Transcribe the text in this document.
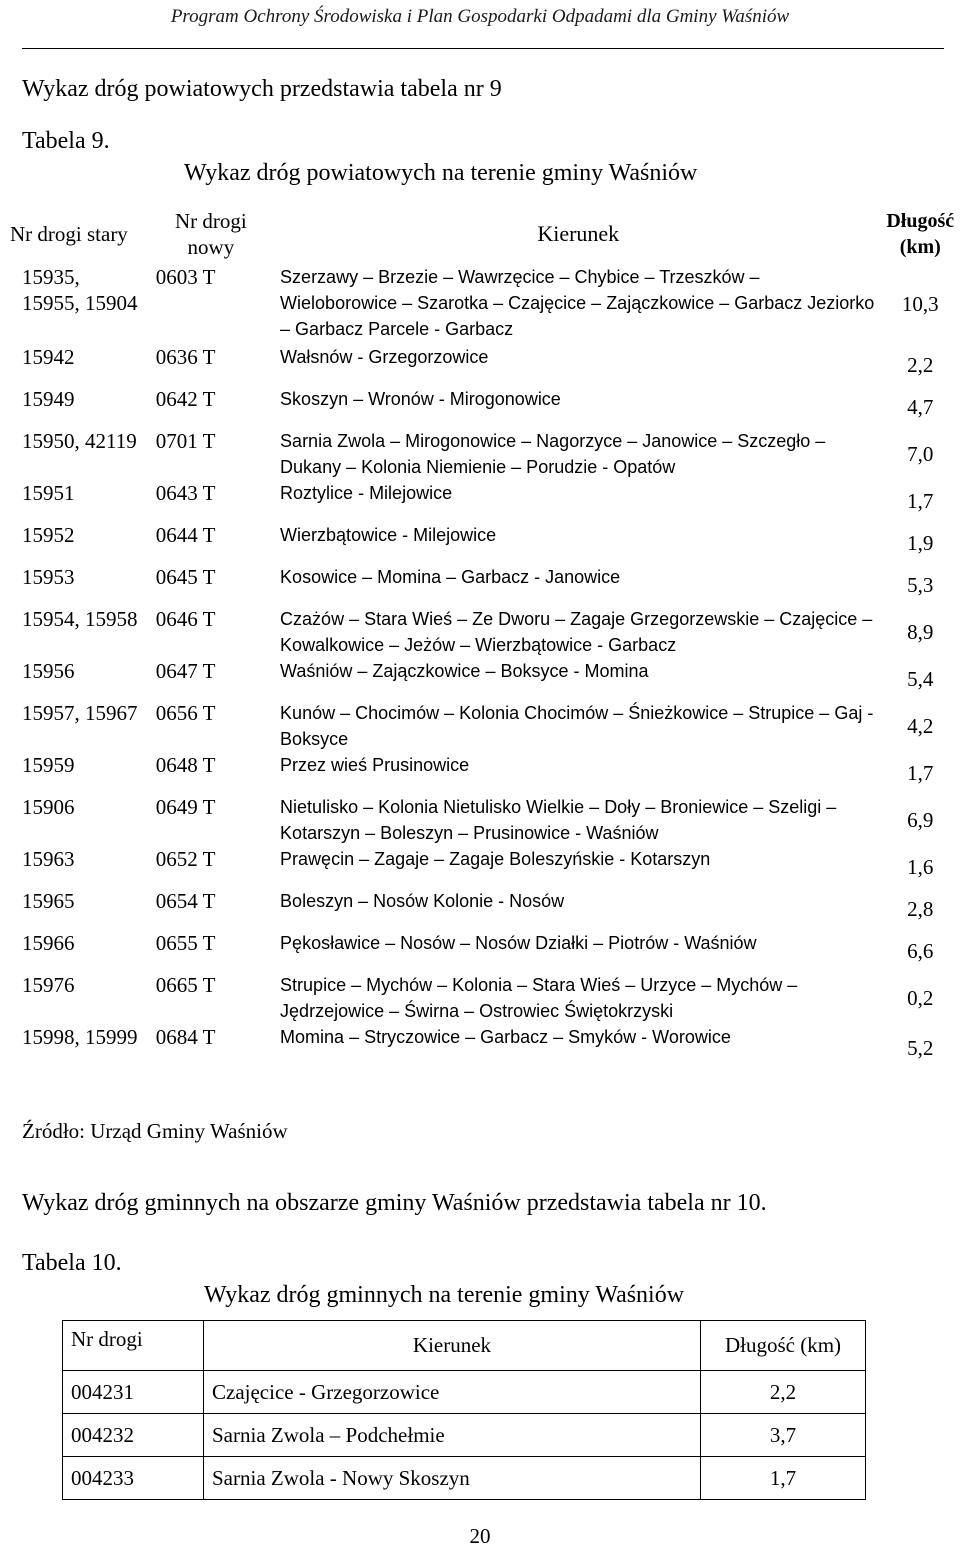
Program Ochrony Środowiska i Plan Gospodarki Odpadami dla Gminy Waśniów
Wykaz dróg powiatowych przedstawia tabela nr 9
Tabela 9.
Wykaz dróg powiatowych na terenie gminy Waśniów
Nr drogi stary	Nr drogi nowy	Kierunek	Długość (km)
15935, 15955, 15904	0603 T	Szerzawy – Brzezie – Wawrzęcice – Chybice – Trzeszków – Wieloborowice – Szarotka – Czajęcice – Zajączkowice – Garbacz Jeziorko – Garbacz Parcele - Garbacz	10,3
15942	0636 T	Wałsnów - Grzegorzowice	2,2
15949	0642 T	Skoszyn – Wronów - Mirogonowice	4,7
15950, 42119	0701 T	Sarnia Zwola – Mirogonowice – Nagorzyce – Janowice – Szczegło – Dukany – Kolonia Niemienie – Porudzie - Opatów	7,0
15951	0643 T	Roztylice - Milejowice	1,7
15952	0644 T	Wierzbątowice - Milejowice	1,9
15953	0645 T	Kosowice – Momina – Garbacz - Janowice	5,3
15954, 15958	0646 T	Czażów – Stara Wieś – Ze Dworu – Zagaje Grzegorzewskie – Czajęcice – Kowalkowice – Jeżów – Wierzbątowice - Garbacz	8,9
15956	0647 T	Waśniów – Zajączkowice – Boksyce - Momina	5,4
15957, 15967	0656 T	Kunów – Chocimów – Kolonia Chocimów – Śnieżkowice – Strupice – Gaj - Boksyce	4,2
15959	0648 T	Przez wieś Prusinowice	1,7
15906	0649 T	Nietulisko – Kolonia Nietulisko Wielkie – Doły – Broniewice – Szeligi – Kotarszyn – Boleszyn – Prusinowice - Waśniów	6,9
15963	0652 T	Prawęcin – Zagaje – Zagaje Boleszyńskie - Kotarszyn	1,6
15965	0654 T	Boleszyn – Nosów Kolonie - Nosów	2,8
15966	0655 T	Pękosławice – Nosów – Nosów Działki – Piotrów - Waśniów	6,6
15976	0665 T	Strupice – Mychów – Kolonia – Stara Wieś – Urzyce – Mychów – Jędrzejowice – Świrna – Ostrowiec Świętokrzyski	0,2
15998, 15999	0684 T	Momina – Stryczowice – Garbacz – Smyków - Worowice	5,2
Źródło: Urząd Gminy Waśniów
Wykaz dróg gminnych na obszarze gminy Waśniów przedstawia tabela nr 10.
Tabela 10.
Wykaz dróg gminnych na terenie gminy Waśniów
Nr drogi	Kierunek	Długość (km)
004231	Czajęcice - Grzegorzowice	2,2
004232	Sarnia Zwola – Podchełmie	3,7
004233	Sarnia Zwola - Nowy Skoszyn	1,7
20
